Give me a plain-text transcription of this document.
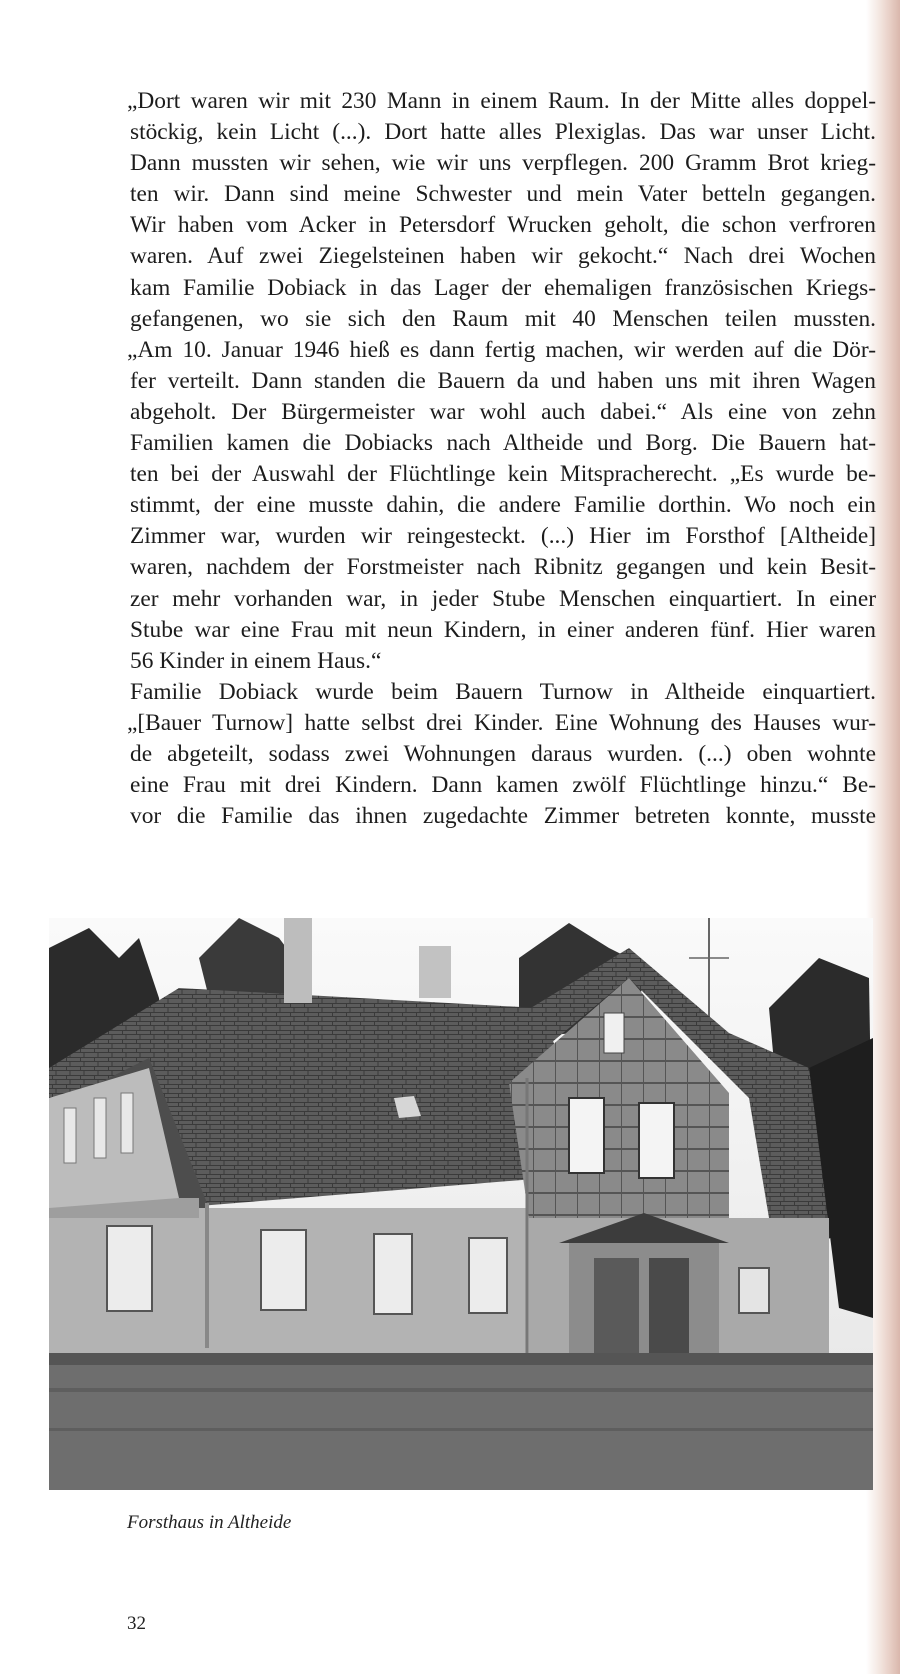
„Dort waren wir mit 230 Mann in einem Raum. In der Mitte alles doppel-
stöckig, kein Licht (...). Dort hatte alles Plexiglas. Das war unser Licht.
Dann mussten wir sehen, wie wir uns verpflegen. 200 Gramm Brot krieg-
ten wir. Dann sind meine Schwester und mein Vater betteln gegangen.
Wir haben vom Acker in Petersdorf Wrucken geholt, die schon verfroren
waren. Auf zwei Ziegelsteinen haben wir gekocht.“ Nach drei Wochen
kam Familie Dobiack in das Lager der ehemaligen französischen Kriegs-
gefangenen, wo sie sich den Raum mit 40 Menschen teilen mussten.
„Am 10. Januar 1946 hieß es dann fertig machen, wir werden auf die Dör-
fer verteilt. Dann standen die Bauern da und haben uns mit ihren Wagen
abgeholt. Der Bürgermeister war wohl auch dabei.“ Als eine von zehn
Familien kamen die Dobiacks nach Altheide und Borg. Die Bauern hat-
ten bei der Auswahl der Flüchtlinge kein Mitspracherecht. „Es wurde be-
stimmt, der eine musste dahin, die andere Familie dorthin. Wo noch ein
Zimmer war, wurden wir reingesteckt. (...) Hier im Forsthof [Altheide]
waren, nachdem der Forstmeister nach Ribnitz gegangen und kein Besit-
zer mehr vorhanden war, in jeder Stube Menschen einquartiert. In einer
Stube war eine Frau mit neun Kindern, in einer anderen fünf. Hier waren
56 Kinder in einem Haus.“
Familie Dobiack wurde beim Bauern Turnow in Altheide einquartiert.
„[Bauer Turnow] hatte selbst drei Kinder. Eine Wohnung des Hauses wur-
de abgeteilt, sodass zwei Wohnungen daraus wurden. (...) oben wohnte
eine Frau mit drei Kindern. Dann kamen zwölf Flüchtlinge hinzu.“ Be-
vor die Familie das ihnen zugedachte Zimmer betreten konnte, musste
Forsthaus in Altheide
32
